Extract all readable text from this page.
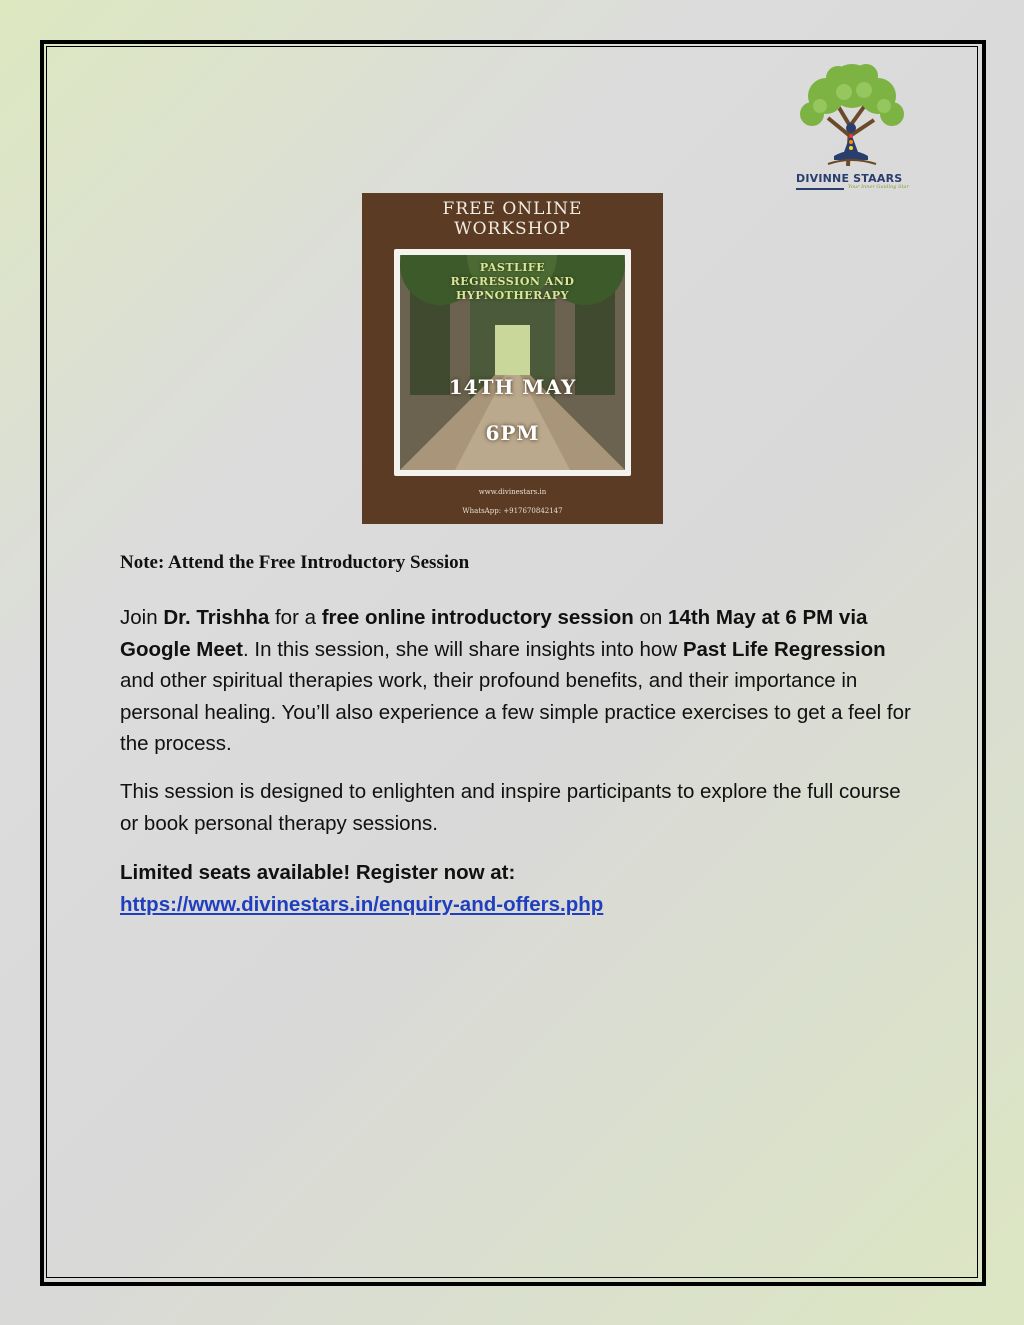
DIVINNE STAARS
Your Inner Guiding Star
FREE ONLINE
WORKSHOP
PASTLIFE
REGRESSION AND
HYPNOTHERAPY
14TH MAY
6PM
www.divinestars.in
WhatsApp: +917670842147
Note: Attend the Free Introductory Session
Join Dr. Trishha for a free online introductory session on 14th May at 6 PM via Google Meet. In this session, she will share insights into how Past Life Regression and other spiritual therapies work, their profound benefits, and their importance in personal healing. You’ll also experience a few simple practice exercises to get a feel for the process.
This session is designed to enlighten and inspire participants to explore the full course or book personal therapy sessions.
Limited seats available! Register now at:
https://www.divinestars.in/enquiry-and-offers.php
